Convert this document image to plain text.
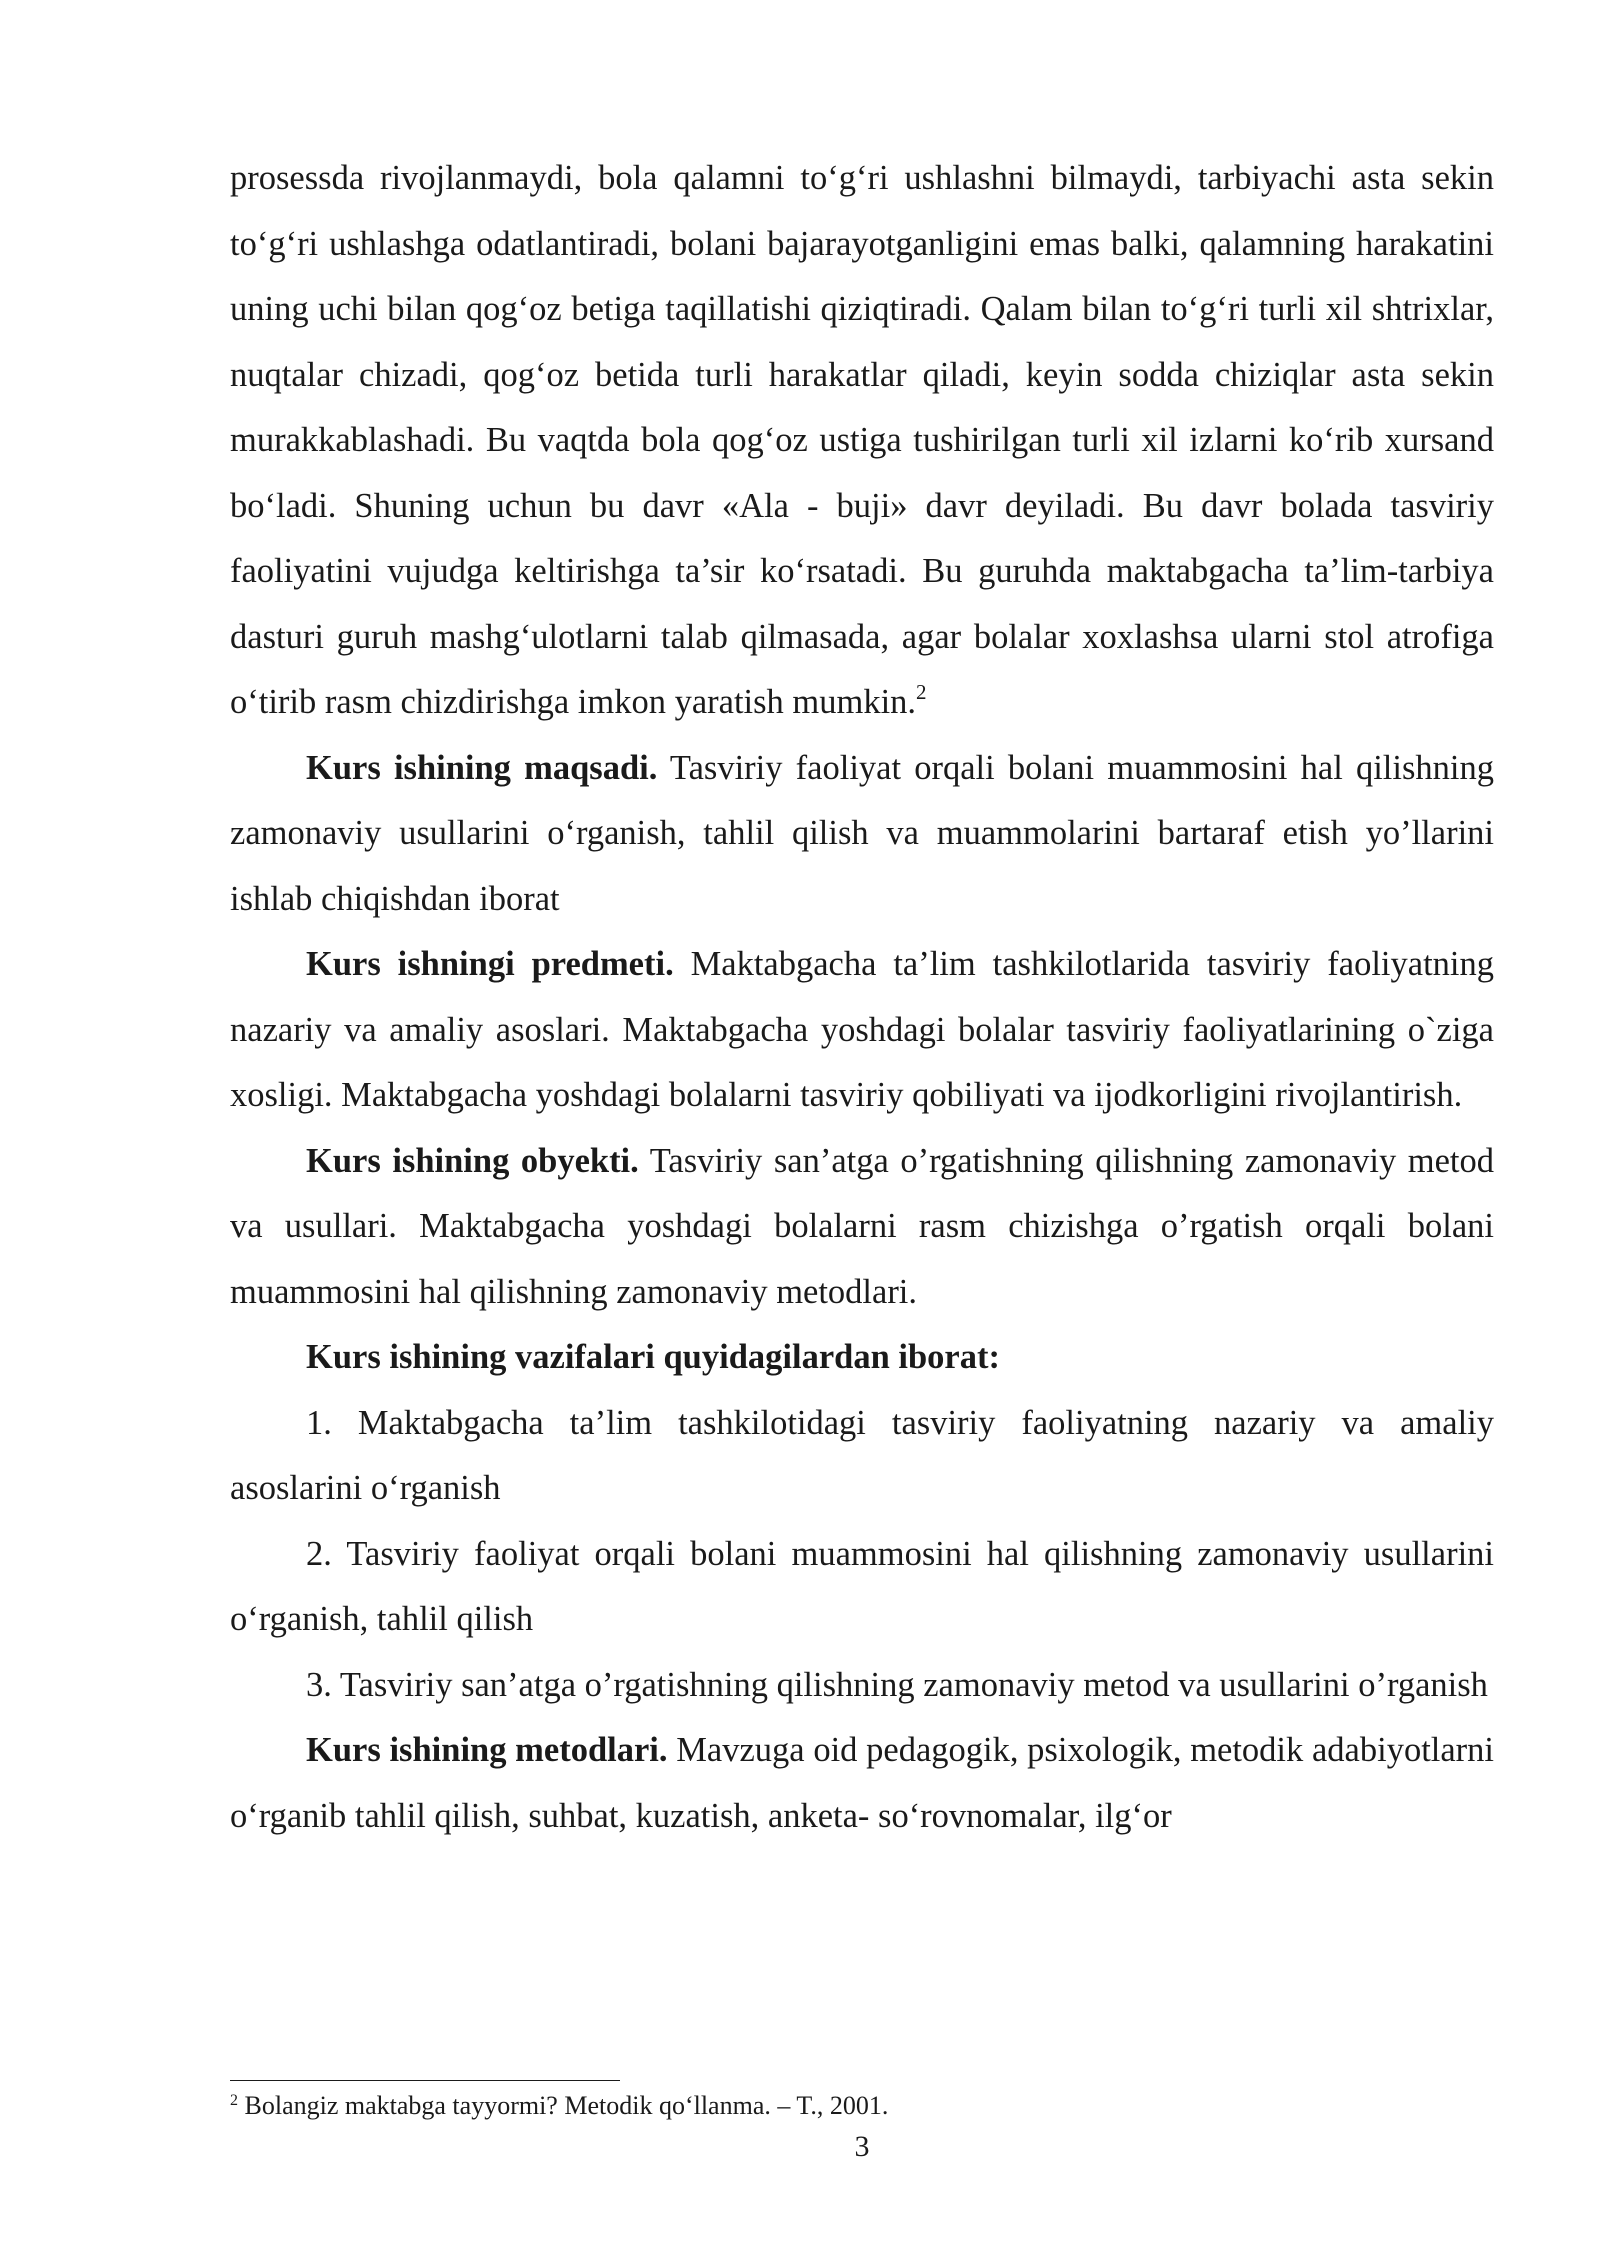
prosessda rivojlanmaydi, bola qalamni to‘g‘ri ushlashni bilmaydi, tarbiyachi asta sekin to‘g‘ri ushlashga odatlantiradi, bolani bajarayotganligini emas balki, qalamning harakatini uning uchi bilan qog‘oz betiga taqillatishi qiziqtiradi. Qalam bilan to‘g‘ri turli xil shtrixlar, nuqtalar chizadi, qog‘oz betida turli harakatlar qiladi, keyin sodda chiziqlar asta sekin murakkablashadi. Bu vaqtda bola qog‘oz ustiga tushirilgan turli xil izlarni ko‘rib xursand bo‘ladi. Shuning uchun bu davr «Ala - buji» davr deyiladi. Bu davr bolada tasviriy faoliyatini vujudga keltirishga ta’sir ko‘rsatadi. Bu guruhda maktabgacha ta’lim-tarbiya dasturi guruh mashg‘ulotlarni talab qilmasada, agar bolalar xoxlashsa ularni stol atrofiga o‘tirib rasm chizdirishga imkon yaratish mumkin.$^2$

Kurs ishining maqsadi. Tasviriy faoliyat orqali bolani muammosini hal qilishning zamonaviy usullarini o‘rganish, tahlil qilish va muammolarini bartaraf etish yo’llarini ishlab chiqishdan iborat

Kurs ishningi predmeti. Maktabgacha ta’lim tashkilotlarida tasviriy faoliyatning nazariy va amaliy asoslari. Maktabgacha yoshdagi bolalar tasviriy faoliyatlarining o`ziga xosligi. Maktabgacha yoshdagi bolalarni tasviriy qobiliyati va ijodkorligini rivojlantirish.

Kurs ishining obyekti. Tasviriy san’atga o’rgatishning qilishning zamonaviy metod va usullari. Maktabgacha yoshdagi bolalarni rasm chizishga o’rgatish orqali bolani muammosini hal qilishning zamonaviy metodlari.

Kurs ishining vazifalari quyidagilardan iborat:

1. Maktabgacha ta’lim tashkilotidagi tasviriy faoliyatning nazariy va amaliy asoslarini o‘rganish

2. Tasviriy faoliyat orqali bolani muammosini hal qilishning zamonaviy usullarini o‘rganish, tahlil qilish

3. Tasviriy san’atga o’rgatishning qilishning zamonaviy metod va usullarini o’rganish

Kurs ishining metodlari. Mavzuga oid pedagogik, psixologik, metodik adabiyotlarni o‘rganib tahlil qilish, suhbat, kuzatish, anketa- so‘rovnomalar, ilg‘or

$^2$ Bolangiz maktabga tayyormi? Metodik qo‘llanma. – T., 2001.
3
